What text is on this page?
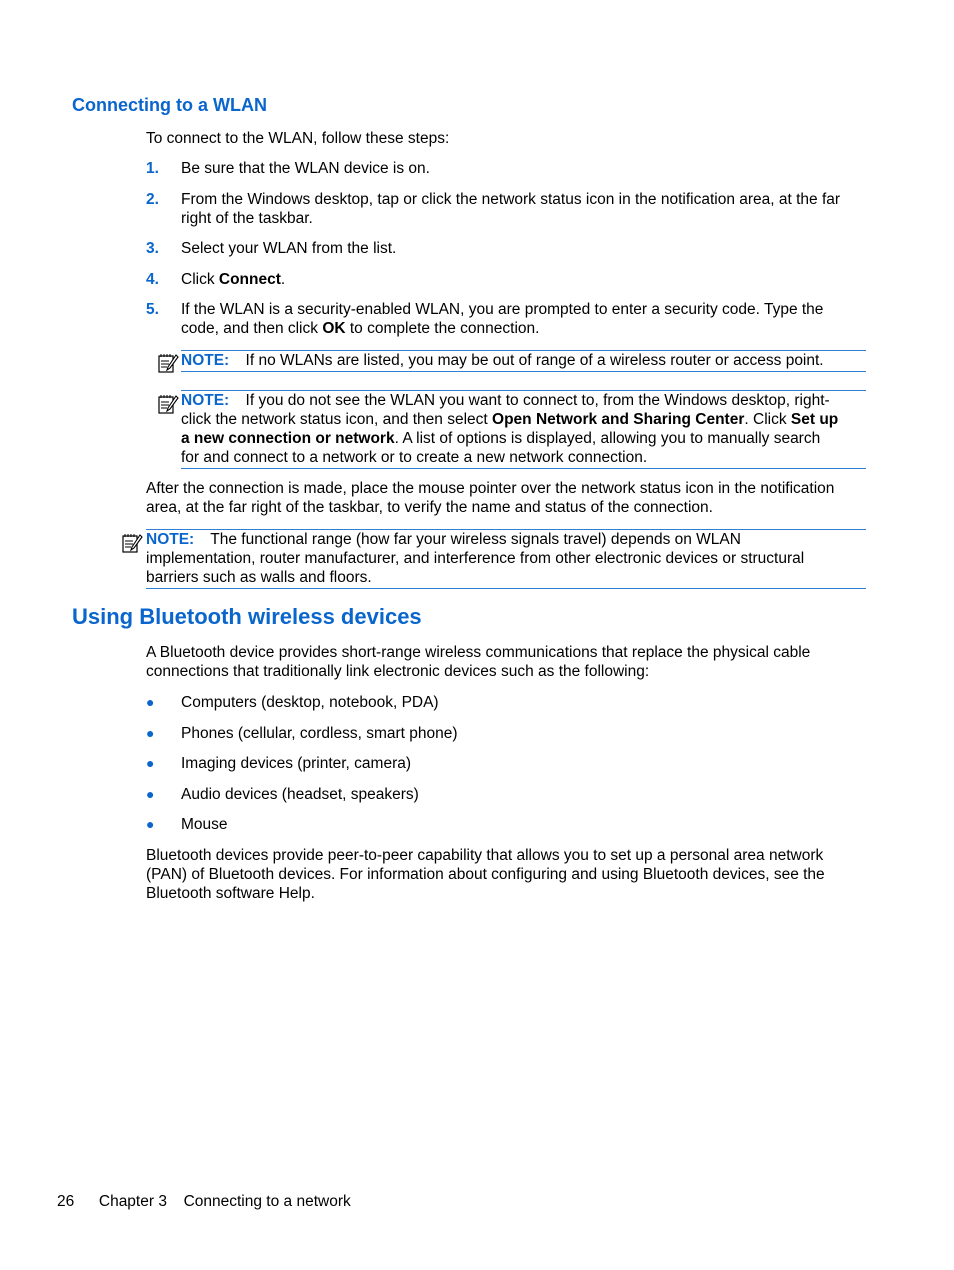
Connecting to a WLAN
To connect to the WLAN, follow these steps:
1.	Be sure that the WLAN device is on.
2.	From the Windows desktop, tap or click the network status icon in the notification area, at the far
right of the taskbar.
3.	Select your WLAN from the list.
4.	Click Connect.
5.	If the WLAN is a security-enabled WLAN, you are prompted to enter a security code. Type the
code, and then click OK to complete the connection.
NOTE: If no WLANs are listed, you may be out of range of a wireless router or access point.
NOTE: If you do not see the WLAN you want to connect to, from the Windows desktop, right-
click the network status icon, and then select Open Network and Sharing Center. Click Set up
a new connection or network. A list of options is displayed, allowing you to manually search
for and connect to a network or to create a new network connection.
After the connection is made, place the mouse pointer over the network status icon in the notification
area, at the far right of the taskbar, to verify the name and status of the connection.
NOTE: The functional range (how far your wireless signals travel) depends on WLAN
implementation, router manufacturer, and interference from other electronic devices or structural
barriers such as walls and floors.
Using Bluetooth wireless devices
A Bluetooth device provides short-range wireless communications that replace the physical cable
connections that traditionally link electronic devices such as the following:
● Computers (desktop, notebook, PDA)
● Phones (cellular, cordless, smart phone)
● Imaging devices (printer, camera)
● Audio devices (headset, speakers)
● Mouse
Bluetooth devices provide peer-to-peer capability that allows you to set up a personal area network
(PAN) of Bluetooth devices. For information about configuring and using Bluetooth devices, see the
Bluetooth software Help.
26 Chapter 3 Connecting to a network
